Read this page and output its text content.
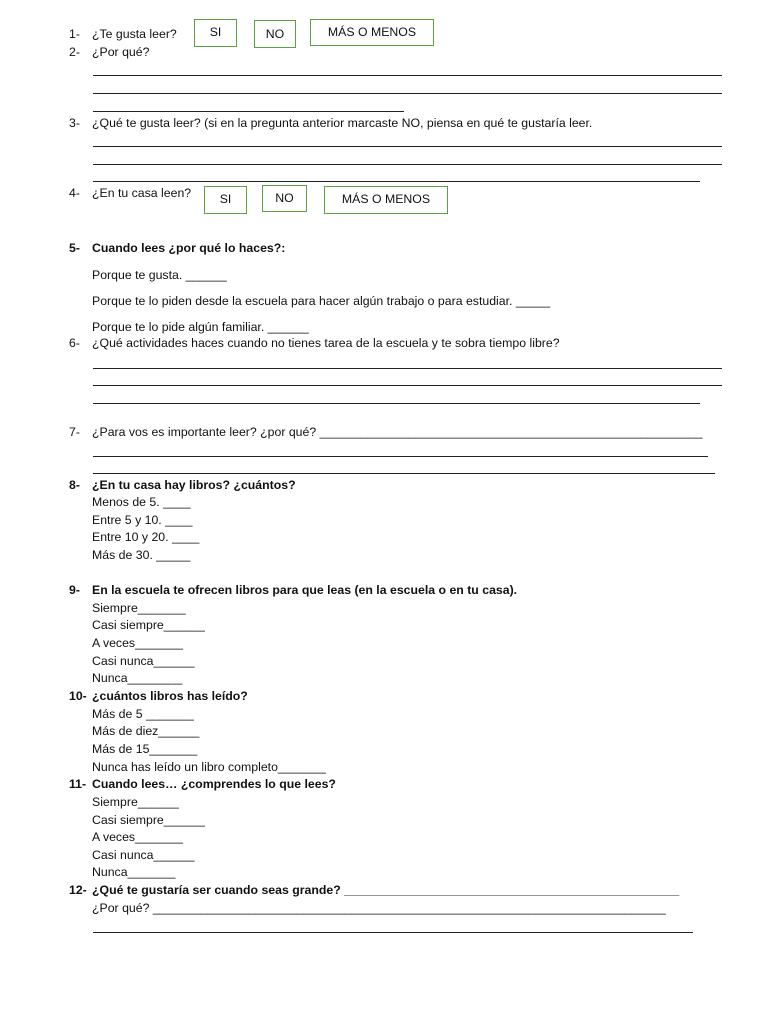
1- ¿Te gusta leer?	SI	NO	MÁS O MENOS
2- ¿Por qué?
3- ¿Qué te gusta leer? (si en la pregunta anterior marcaste NO, piensa en qué te gustaría leer.
4- ¿En tu casa leen?	SI	NO	MÁS O MENOS
5- Cuando lees ¿por qué lo haces?:
Porque te gusta. ______
Porque te lo piden desde la escuela para hacer algún trabajo o para estudiar. _____
Porque te lo pide algún familiar. ______
6- ¿Qué actividades haces cuando no tienes tarea de la escuela y te sobra tiempo libre?
7- ¿Para vos es importante leer? ¿por qué? ________________________________________________________
8- ¿En tu casa hay libros? ¿cuántos?
Menos de 5. ____
Entre 5 y 10. ____
Entre 10 y 20. ____
Más de 30. _____
9- En la escuela te ofrecen libros para que leas (en la escuela o en tu casa).
Siempre_______
Casi siempre______
A veces_______
Casi nunca______
Nunca________
10- ¿cuántos libros has leído?
Más de 5 _______
Más de diez______
Más de 15_______
Nunca has leído un libro completo_______
11- Cuando lees… ¿comprendes lo que lees?
Siempre______
Casi siempre______
A veces_______
Casi nunca______
Nunca_______
12- ¿Qué te gustaría ser cuando seas grande? _________________________________________________
¿Por qué? ___________________________________________________________________________
